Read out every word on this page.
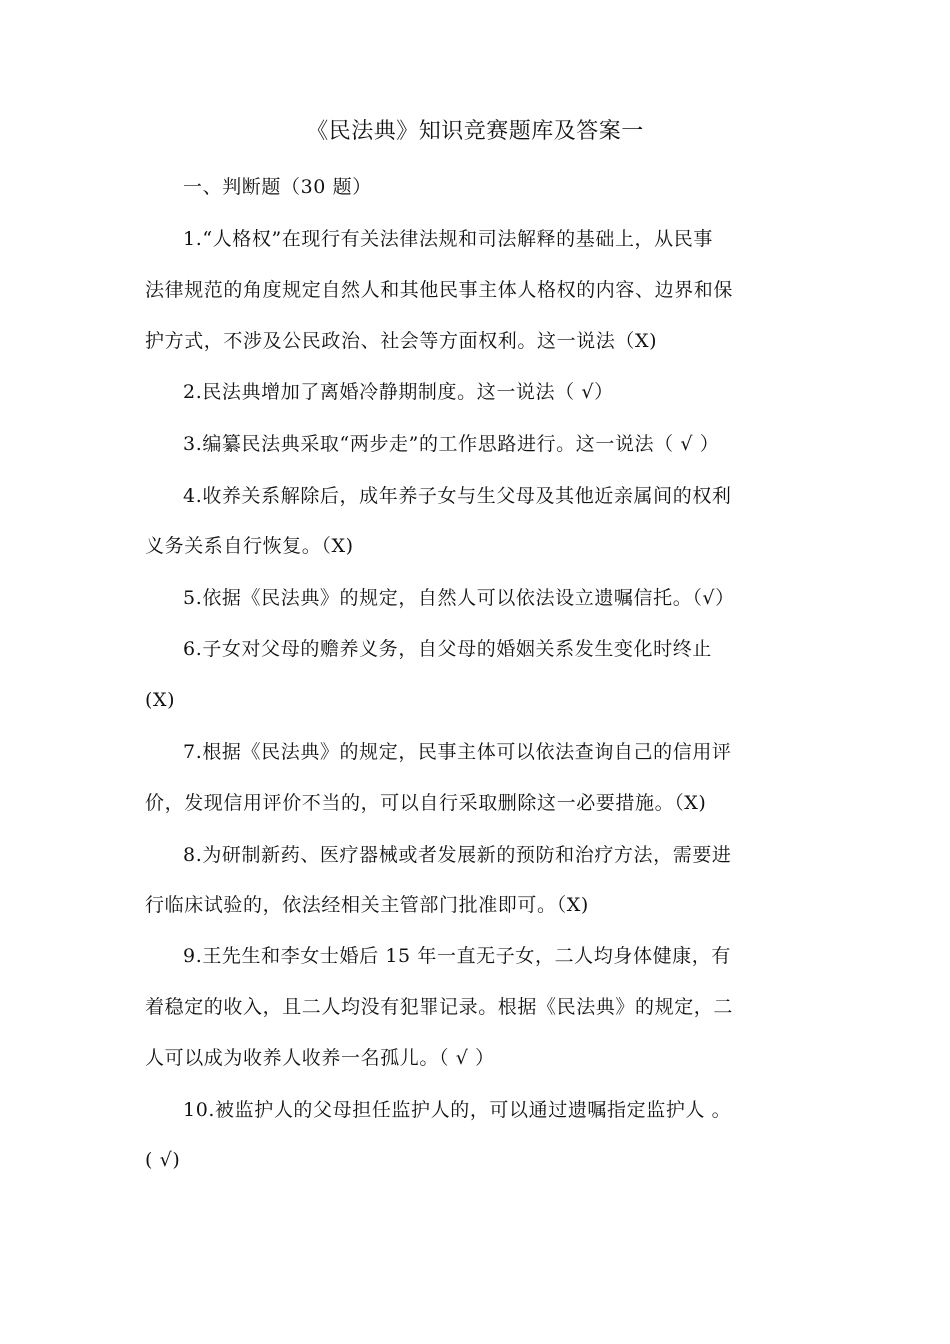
《民法典》知识竞赛题库及答案一
一、判断题（30 题）
1.“人格权”在现行有关法律法规和司法解释的基础上，从民事
法律规范的角度规定自然人和其他民事主体人格权的内容、边界和保
护方式，不涉及公民政治、社会等方面权利。这一说法（X)
2.民法典增加了离婚冷静期制度。这一说法（ √）
3.编纂民法典采取“两步走”的工作思路进行。这一说法（ √ ）
4.收养关系解除后，成年养子女与生父母及其他近亲属间的权利
义务关系自行恢复。（X)
5.依据《民法典》的规定，自然人可以依法设立遗嘱信托。（√）
6.子女对父母的赡养义务，自父母的婚姻关系发生变化时终止
(X)
7.根据《民法典》的规定，民事主体可以依法查询自己的信用评
价，发现信用评价不当的，可以自行采取删除这一必要措施。（X)
8.为研制新药、医疗器械或者发展新的预防和治疗方法，需要进
行临床试验的，依法经相关主管部门批准即可。（X)
9.王先生和李女士婚后 15 年一直无子女，二人均身体健康，有
着稳定的收入，且二人均没有犯罪记录。根据《民法典》的规定，二
人可以成为收养人收养一名孤儿。（ √ ）
10.被监护人的父母担任监护人的，可以通过遗嘱指定监护人 。
( √)
